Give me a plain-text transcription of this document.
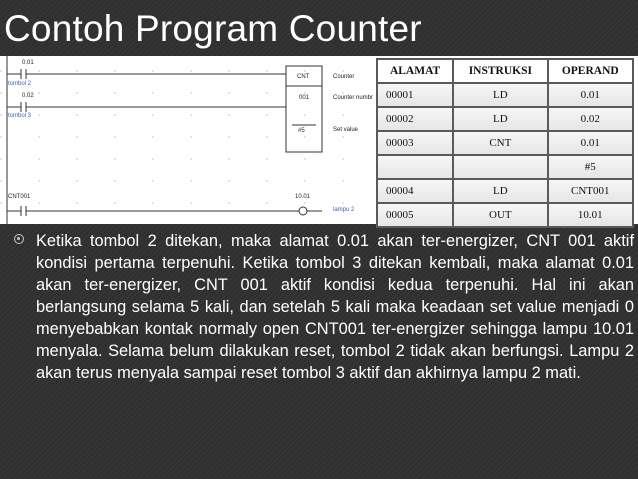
Contoh Program Counter
0.01
tombol 2
0.02
tombol 3
CNT
001
#5
Counter
Counter numbr
Set value
CNT001	10.01
lampu 2
ALAMAT	INSTRUKSI	OPERAND
00001	LD	0.01
00002	LD	0.02
00003	CNT	0.01
		#5
00004	LD	CNT001
00005	OUT	10.01
Ketika tombol 2 ditekan, maka alamat 0.01 akan ter-energizer, CNT 001 aktif kondisi pertama terpenuhi. Ketika tombol 3 ditekan kembali, maka alamat 0.01 akan ter-energizer, CNT 001 aktif kondisi kedua terpenuhi. Hal ini akan berlangsung selama 5 kali, dan setelah 5 kali maka keadaan set value menjadi 0 menyebabkan kontak normaly open CNT001 ter-energizer sehingga lampu 10.01 menyala. Selama belum dilakukan reset, tombol 2 tidak akan berfungsi. Lampu 2 akan terus menyala sampai reset tombol 3 aktif dan akhirnya lampu 2 mati.
